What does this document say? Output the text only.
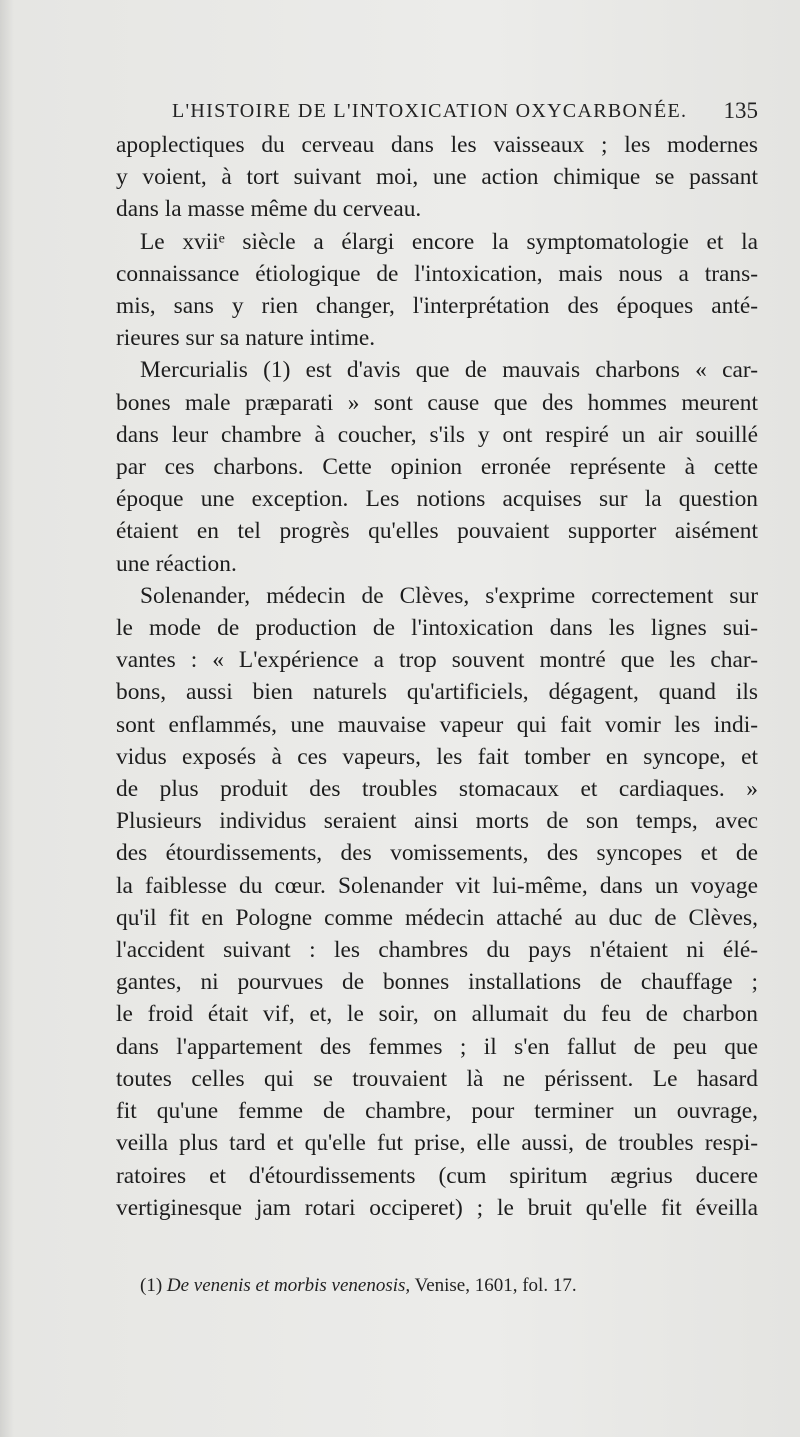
L'HISTOIRE DE L'INTOXICATION OXYCARBONÉE. 135

apoplectiques du cerveau dans les vaisseaux ; les modernes
y voient, à tort suivant moi, une action chimique se passant
dans la masse même du cerveau.

Le xviiᵉ siècle a élargi encore la symptomatologie et la
connaissance étiologique de l'intoxication, mais nous a trans-
mis, sans y rien changer, l'interprétation des époques anté-
rieures sur sa nature intime.

Mercurialis (1) est d'avis que de mauvais charbons « car-
bones male præparati » sont cause que des hommes meurent
dans leur chambre à coucher, s'ils y ont respiré un air souillé
par ces charbons. Cette opinion erronée représente à cette
époque une exception. Les notions acquises sur la question
étaient en tel progrès qu'elles pouvaient supporter aisément
une réaction.

Solenander, médecin de Clèves, s'exprime correctement sur
le mode de production de l'intoxication dans les lignes sui-
vantes : « L'expérience a trop souvent montré que les char-
bons, aussi bien naturels qu'artificiels, dégagent, quand ils
sont enflammés, une mauvaise vapeur qui fait vomir les indi-
vidus exposés à ces vapeurs, les fait tomber en syncope, et
de plus produit des troubles stomacaux et cardiaques. »
Plusieurs individus seraient ainsi morts de son temps, avec
des étourdissements, des vomissements, des syncopes et de
la faiblesse du cœur. Solenander vit lui-même, dans un voyage
qu'il fit en Pologne comme médecin attaché au duc de Clèves,
l'accident suivant : les chambres du pays n'étaient ni élé-
gantes, ni pourvues de bonnes installations de chauffage ;
le froid était vif, et, le soir, on allumait du feu de charbon
dans l'appartement des femmes ; il s'en fallut de peu que
toutes celles qui se trouvaient là ne périssent. Le hasard
fit qu'une femme de chambre, pour terminer un ouvrage,
veilla plus tard et qu'elle fut prise, elle aussi, de troubles respi-
ratoires et d'étourdissements (cum spiritum ægrius ducere
vertiginesque jam rotari occiperet) ; le bruit qu'elle fit éveilla

(1) De venenis et morbis venenosis, Venise, 1601, fol. 17.
